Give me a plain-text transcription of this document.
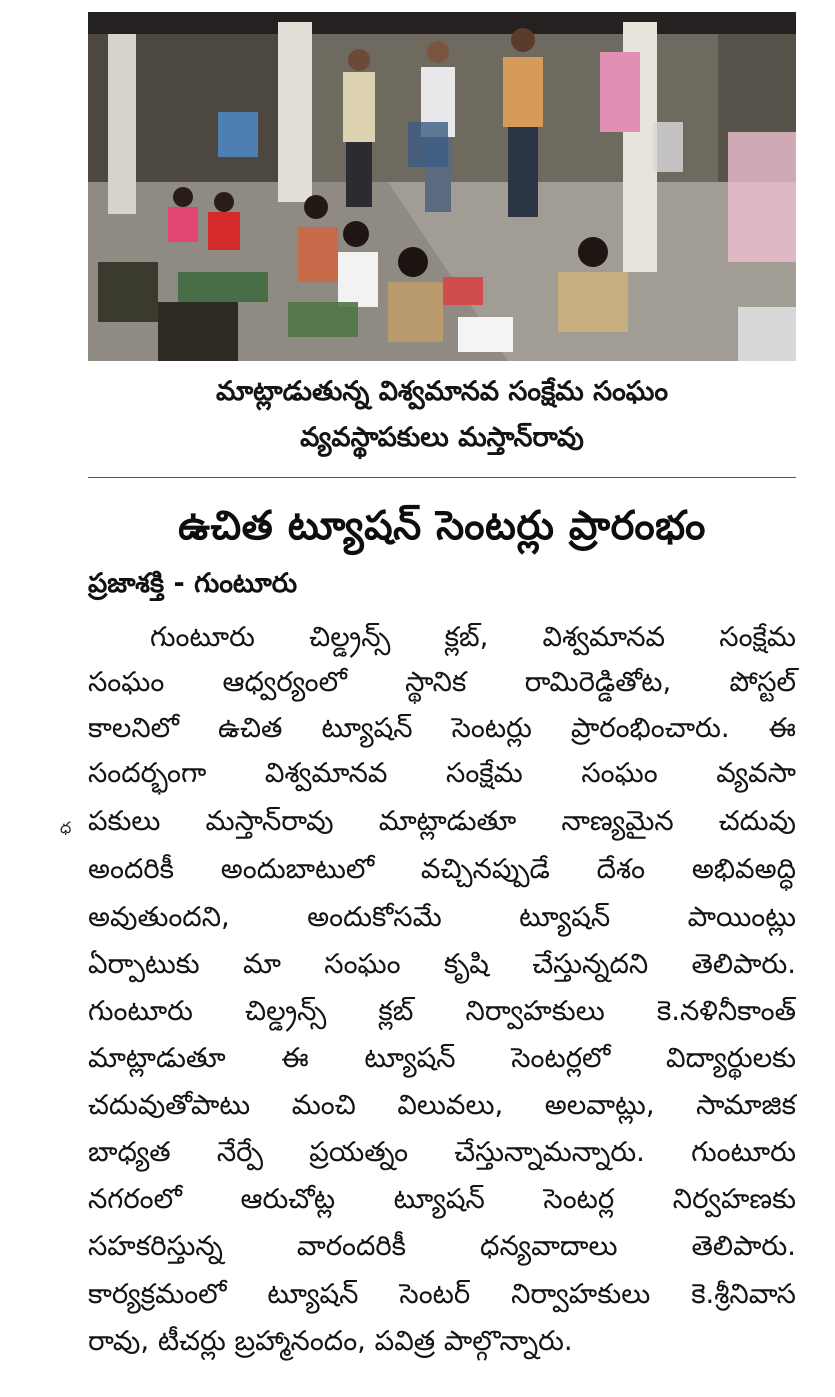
మాట్లాడుతున్న విశ్వమానవ సంక్షేమ సంఘం
వ్యవస్థాపకులు మస్తాన్‌రావు
ఉచిత ట్యూషన్ సెంటర్లు ప్రారంభం
ప్రజాశక్తి - గుంటూరు
ధ
గుంటూరు చిల్డ్రన్స్ క్లబ్, విశ్వమానవ సంక్షేమ
సంఘం ఆధ్వర్యంలో స్థానిక రామిరెడ్డితోట, పోస్టల్
కాలనిలో ఉచిత ట్యూషన్ సెంటర్లు ప్రారంభించారు. ఈ
సందర్భంగా విశ్వమానవ సంక్షేమ సంఘం వ్యవసా
పకులు మస్తాన్‌రావు మాట్లాడుతూ నాణ్యమైన చదువు
అందరికీ అందుబాటులో వచ్చినప్పుడే దేశం అభివఅద్ధి
అవుతుందని, అందుకోసమే ట్యూషన్ పాయింట్లు
ఏర్పాటుకు మా సంఘం కృషి చేస్తున్నదని తెలిపారు.
గుంటూరు చిల్డ్రన్స్ క్లబ్ నిర్వాహకులు కె.నళినీకాంత్
మాట్లాడుతూ ఈ ట్యూషన్ సెంటర్లలో విద్యార్థులకు
చదువుతోపాటు మంచి విలువలు, అలవాట్లు, సామాజిక
బాధ్యత నేర్పే ప్రయత్నం చేస్తున్నామన్నారు. గుంటూరు
నగరంలో ఆరుచోట్ల ట్యూషన్ సెంటర్ల నిర్వహణకు
సహకరిస్తున్న వారందరికీ ధన్యవాదాలు తెలిపారు.
కార్యక్రమంలో ట్యూషన్ సెంటర్ నిర్వాహకులు కె.శ్రీనివాస
రావు, టీచర్లు బ్రహ్మానందం, పవిత్ర పాల్గొన్నారు.
